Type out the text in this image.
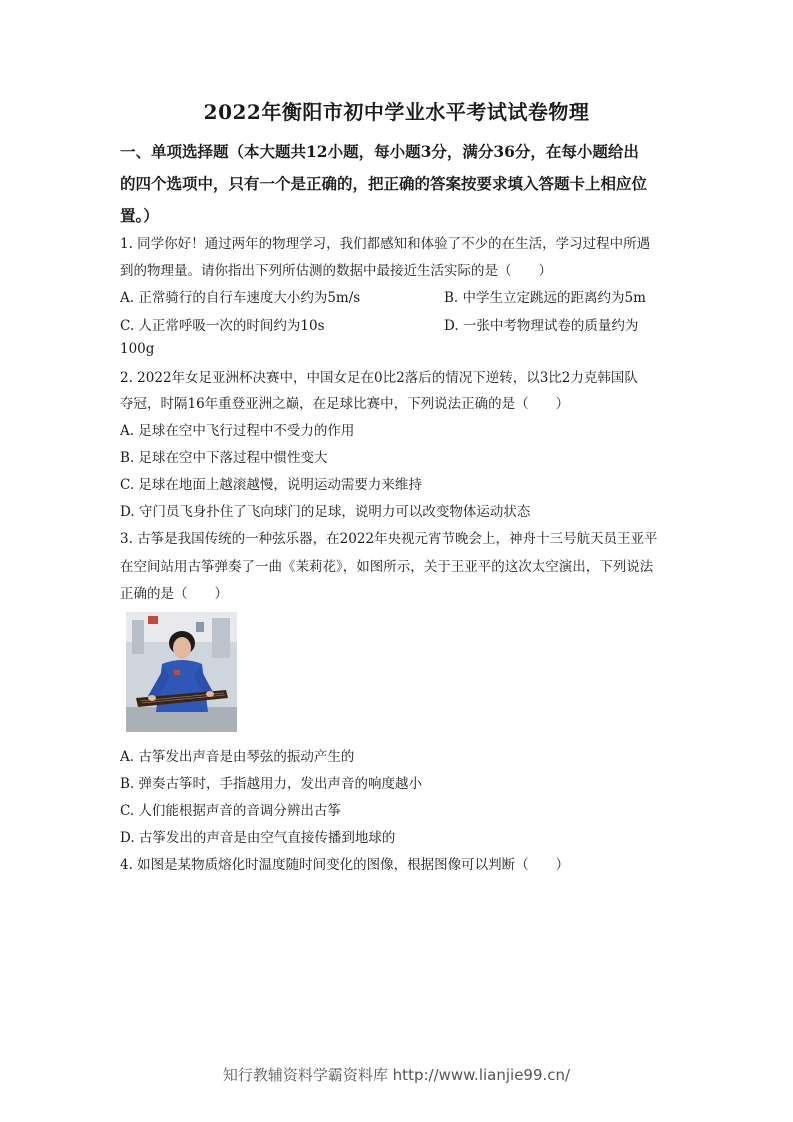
2022年衡阳市初中学业水平考试试卷物理
一、单项选择题（本大题共12小题，每小题3分，满分36分，在每小题给出
的四个选项中，只有一个是正确的，把正确的答案按要求填入答题卡上相应位
置。）
1. 同学你好！通过两年的物理学习，我们都感知和体验了不少的在生活，学习过程中所遇
到的物理量。请你指出下列所估测的数据中最接近生活实际的是（　　）
A. 正常骑行的自行车速度大小约为5m/s	B. 中学生立定跳远的距离约为5m
C. 人正常呼吸一次的时间约为10s	D. 一张中考物理试卷的质量约为
100g
2. 2022年女足亚洲杯决赛中，中国女足在0比2落后的情况下逆转，以3比2力克韩国队
夺冠，时隔16年重登亚洲之巅，在足球比赛中，下列说法正确的是（　　）
A. 足球在空中飞行过程中不受力的作用
B. 足球在空中下落过程中惯性变大
C. 足球在地面上越滚越慢，说明运动需要力来维持
D. 守门员飞身扑住了飞向球门的足球，说明力可以改变物体运动状态
3. 古筝是我国传统的一种弦乐器，在2022年央视元宵节晚会上，神舟十三号航天员王亚平
在空间站用古筝弹奏了一曲《茉莉花》，如图所示，关于王亚平的这次太空演出，下列说法
正确的是（　　）
A. 古筝发出声音是由琴弦的振动产生的
B. 弹奏古筝时，手指越用力，发出声音的响度越小
C. 人们能根据声音的音调分辨出古筝
D. 古筝发出的声音是由空气直接传播到地球的
4. 如图是某物质熔化时温度随时间变化的图像，根据图像可以判断（　　）
知行教辅资料学霸资料库 http://www.lianjie99.cn/
